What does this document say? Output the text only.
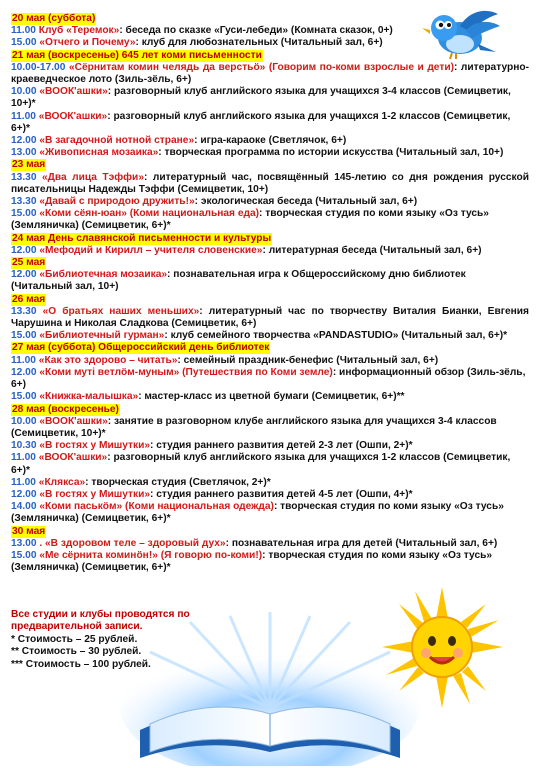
20 мая (суббота)
11.00 Клуб «Теремок»: беседа по сказке «Гуси-лебеди» (Комната сказок, 0+)
15.00 «Отчего и Почему»: клуб для любознательных (Читальный зал, 6+)
21 мая (воскресенье) 645 лет коми письменности
10.00-17.00 «Сёрнитам комин челядь да верстьö» (Говорим по-коми взрослые и дети): литературно-краеведческое лото (Зиль-зёль, 6+)
10.00 «ВООК'ашки»: разговорный клуб английского языка для учащихся 3-4 классов (Семицветик, 10+)*
11.00 «ВООК'ашки»: разговорный клуб английского языка для учащихся 1-2 классов (Семицветик, 6+)*
12.00 «В загадочной нотной стране»: игра-караоке (Светлячок, 6+)
13.00 «Живописная мозаика»: творческая программа по истории искусства (Читальный зал, 10+)
23 мая
13.30 «Два лица Тэффи»: литературный час, посвящённый 145-летию со дня рождения русской писательницы Надежды Тэффи (Семицветик, 10+)
13.30 «Давай с природою дружить!»: экологическая беседа (Читальный зал, 6+)
15.00 «Коми сёян-юан» (Коми национальная еда): творческая студия по коми языку «Оз тусь» (Земляничка) (Семицветик, 6+)*
24 мая День славянской письменности и культуры
12.00 «Мефодий и Кирилл – учителя словенские»: литературная беседа (Читальный зал, 6+)
25 мая
12.00 «Библиотечная мозаика»: познавательная игра к Общероссийскому дню библиотек (Читальный зал, 10+)
26 мая
13.30 «О братьях наших меньших»: литературный час по творчеству Виталия Бианки, Евгения Чарушина и Николая Сладкова (Семицветик, 6+)
15.00 «Библиотечный гурман»: клуб семейного творчества «PANDASTUDIO» (Читальный зал, 6+)*
27 мая (суббота) Общероссийский день библиотек
11.00 «Как это здорово – читать»: семейный праздник-бенефис (Читальный зал, 6+)
12.00 «Коми мутi вeтлöм-муным» (Путешествия по Коми земле): информационный обзор (Зиль-зёль, 6+)
15.00 «Книжка-малышка»: мастер-класс из цветной бумаги (Семицветик, 6+)**
28 мая (воскресенье)
10.00 «ВООК'ашки»: занятие в разговорном клубе английского языка для учащихся 3-4 классов (Семицветик, 10+)*
10.30 «В гостях у Мишутки»: студия раннего развития детей 2-3 лет (Ошпи, 2+)*
11.00 «ВООК'ашки»: разговорный клуб английского языка для учащихся 1-2 классов (Семицветик, 6+)*
11.00 «Клякса»: творческая студия (Светлячок, 2+)*
12.00 «В гостях у Мишутки»: студия раннего развития детей 4-5 лет (Ошпи, 4+)*
14.00 «Коми паськöм» (Коми национальная одежда): творческая студия по коми языку «Оз тусь» (Земляничка) (Семицветик, 6+)*
30 мая
13.00 . «В здоровом теле – здоровый дух»: познавательная игра для детей (Читальный зал, 6+)
15.00 «Ме сёрнита коминöн!» (Я говорю по-коми!): творческая студия по коми языку «Оз тусь» (Земляничка) (Семицветик, 6+)*
Все студии и клубы проводятся по
предварительной записи.
* Стоимость – 25 рублей.
** Стоимость – 30 рублей.
*** Стоимость – 100 рублей.
